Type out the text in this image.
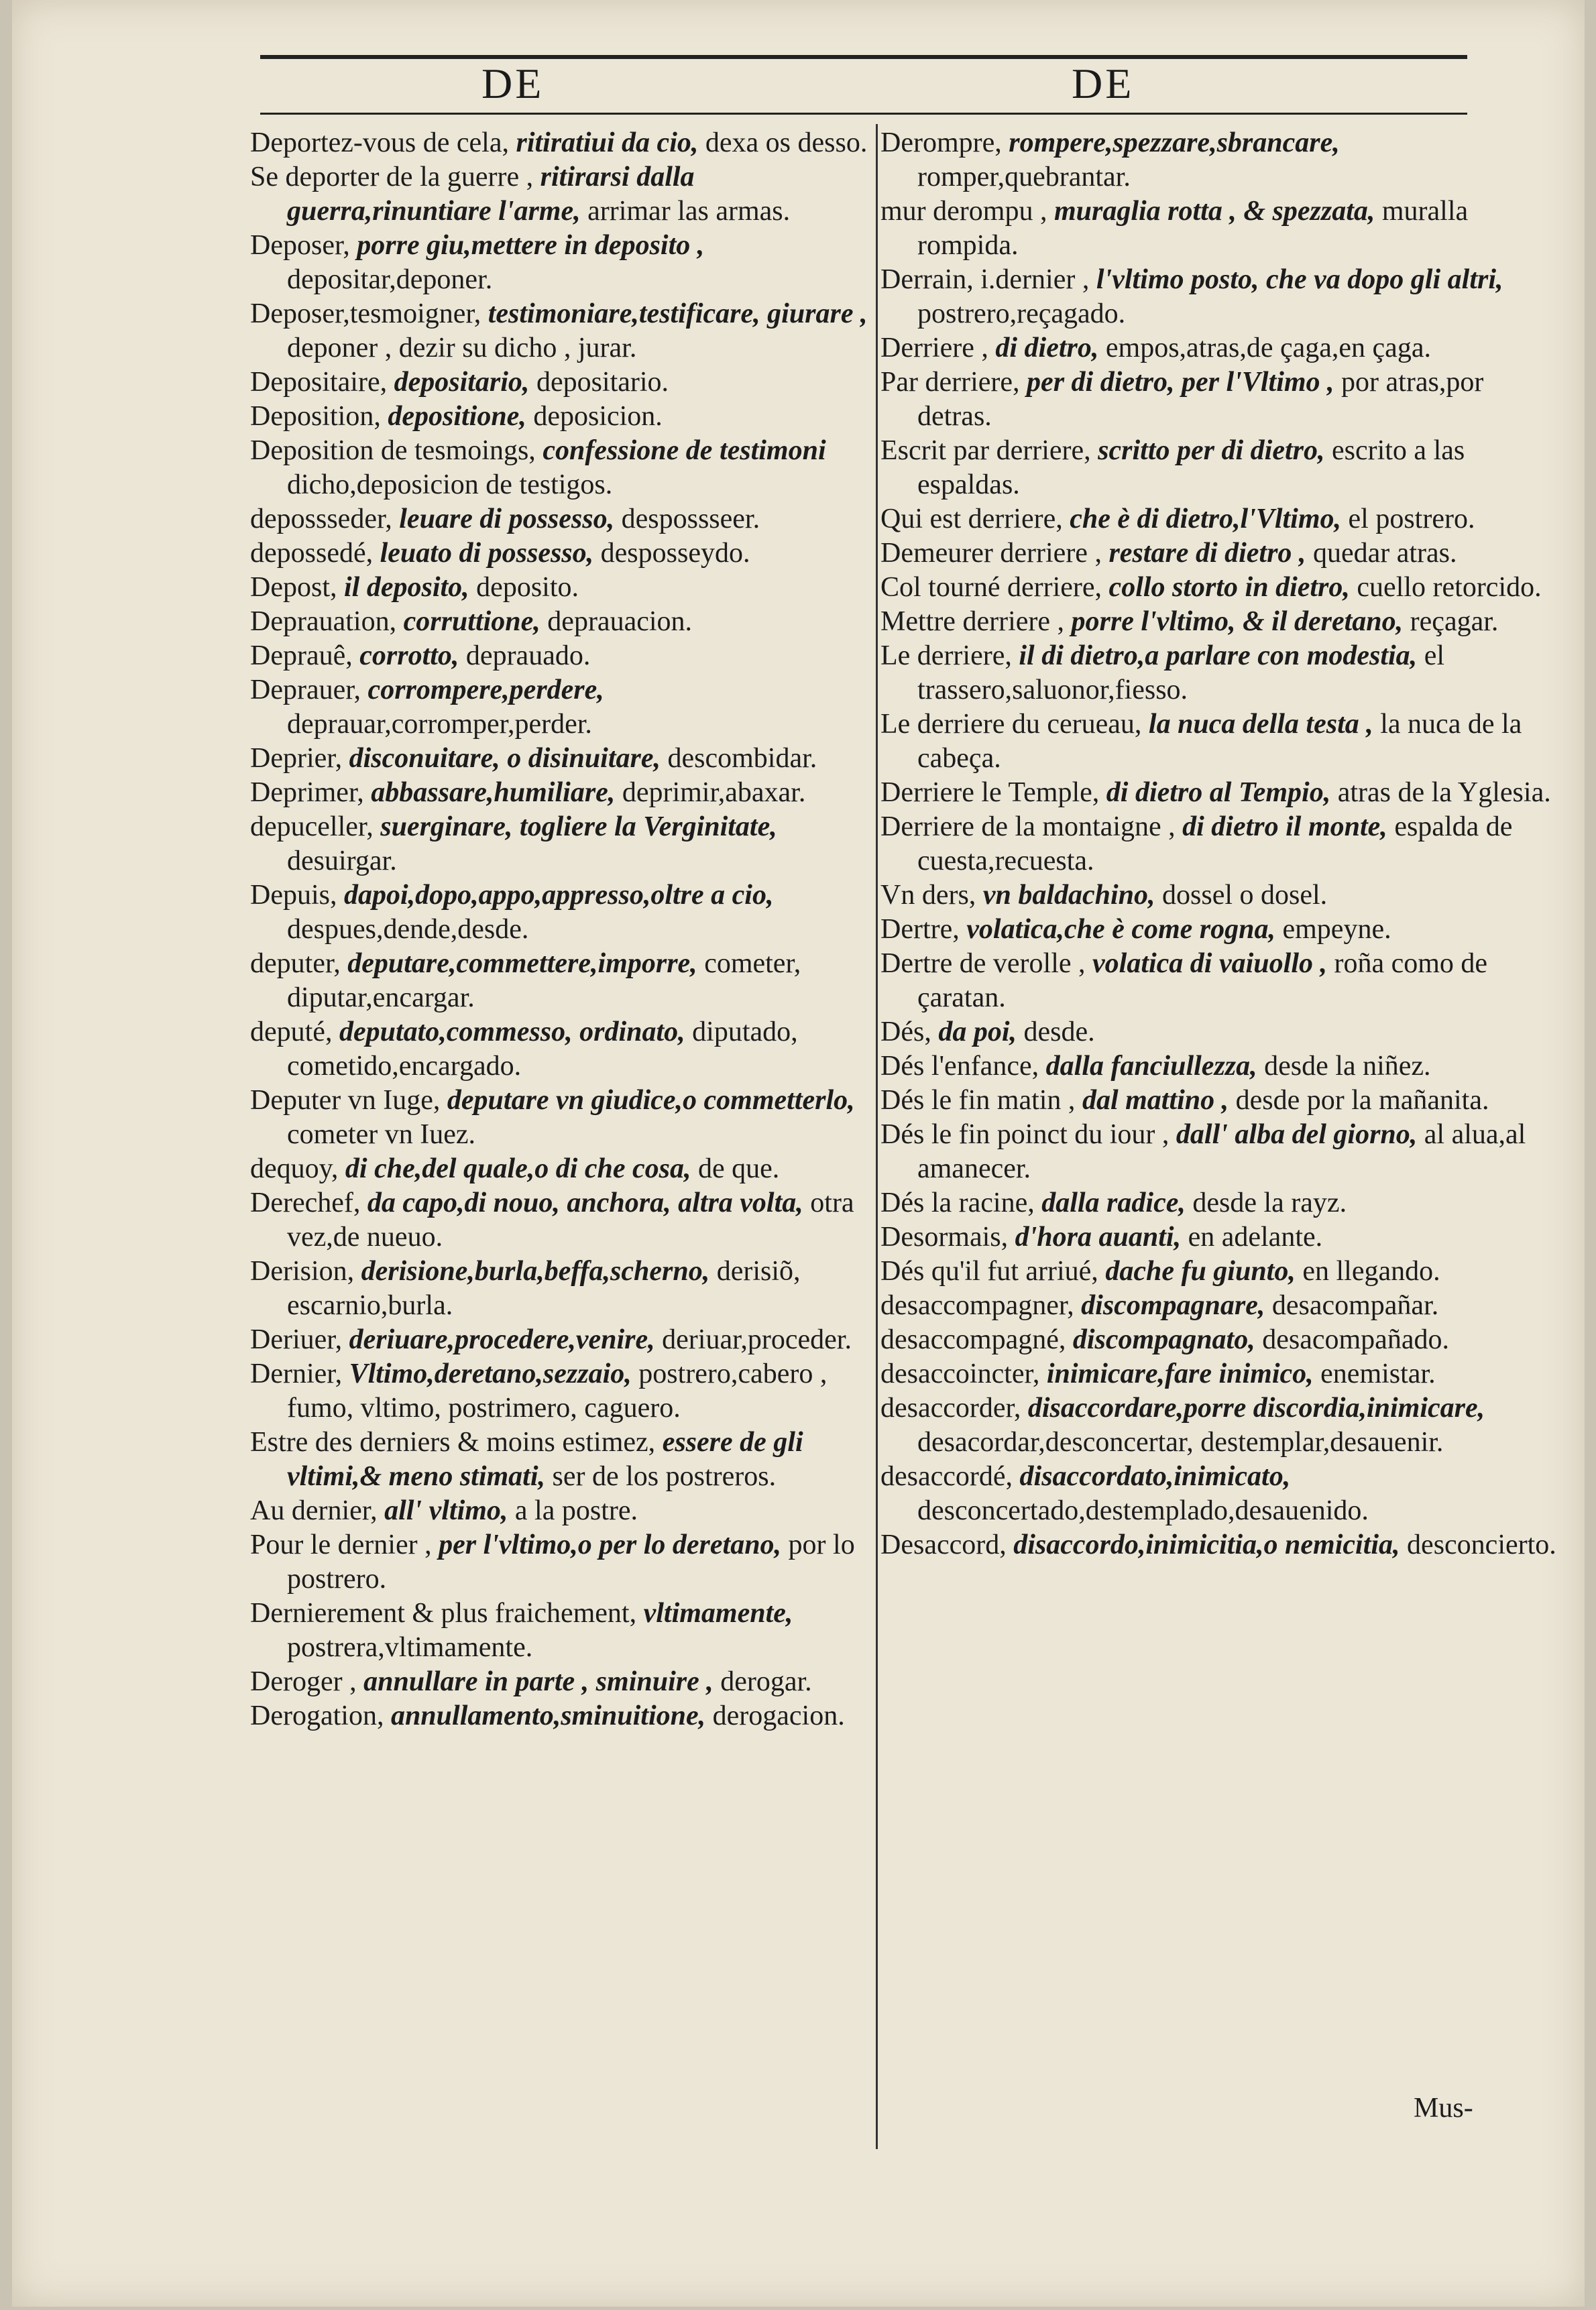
DE	DE

Deportez-vous de cela, ritiratiui da cio, dexa os desso.

Se deporter de la guerre , ritirarsi dalla guerra,rinuntiare l'arme, arrimar las armas.

Deposer, porre giu,mettere in deposito , depositar,deponer.

Deposer,tesmoigner, testimoniare,testificare, giurare , deponer , dezir su dicho , jurar.

Depositaire, depositario, depositario.

Deposition, depositione, deposicion.

Deposition de tesmoings, confessione de testimoni dicho,deposicion de testigos.

depossseder, leuare di possesso, despossseer.

depossedé, leuato di possesso, desposseydo.

Depost, il deposito, deposito.

Deprauation, corruttione, deprauacion.

Deprauê, corrotto, deprauado.

Deprauer, corrompere,perdere, deprauar,corromper,perder.

Deprier, disconuitare, o disinuitare, descombidar.

Deprimer, abbassare,humiliare, deprimir,abaxar.

depuceller, suerginare, togliere la Verginitate, desuirgar.

Depuis, dapoi,dopo,appo,appresso,oltre a cio, despues,dende,desde.

deputer, deputare,commettere,imporre, cometer, diputar,encargar.

deputé, deputato,commesso, ordinato, diputado, cometido,encargado.

Deputer vn Iuge, deputare vn giudice,o commetterlo, cometer vn Iuez.

dequoy, di che,del quale,o di che cosa, de que.

Derechef, da capo,di nouo, anchora, altra volta, otra vez,de nueuo.

Derision, derisione,burla,beffa,scherno, derisiõ, escarnio,burla.

Deriuer, deriuare,procedere,venire, deriuar,proceder.

Dernier, Vltimo,deretano,sezzaio, postrero,cabero , fumo, vltimo, postrimero, caguero.

Estre des derniers & moins estimez, essere de gli vltimi,& meno stimati, ser de los postreros.

Au dernier, all' vltimo, a la postre.

Pour le dernier , per l'vltimo,o per lo deretano, por lo postrero.

Dernierement & plus fraichement, vltimamente, postrera,vltimamente.

Deroger , annullare in parte , sminuire , derogar.

Derogation, annullamento,sminuitione, derogacion.

Derompre, rompere,spezzare,sbrancare, romper,quebrantar.

mur derompu , muraglia rotta , & spezzata, muralla rompida.

Derrain, i.dernier , l'vltimo posto, che va dopo gli altri, postrero,reçagado.

Derriere , di dietro, empos,atras,de çaga,en çaga.

Par derriere, per di dietro, per l'Vltimo , por atras,por detras.

Escrit par derriere, scritto per di dietro, escrito a las espaldas.

Qui est derriere, che è di dietro,l'Vltimo, el postrero.

Demeurer derriere , restare di dietro , quedar atras.

Col tourné derriere, collo storto in dietro, cuello retorcido.

Mettre derriere , porre l'vltimo, & il deretano, reçagar.

Le derriere, il di dietro,a parlare con modestia, el trassero,saluonor,fiesso.

Le derriere du cerueau, la nuca della testa , la nuca de la cabeça.

Derriere le Temple, di dietro al Tempio, atras de la Yglesia.

Derriere de la montaigne , di dietro il monte, espalda de cuesta,recuesta.

Vn ders, vn baldachino, dossel o dosel.

Dertre, volatica,che è come rogna, empeyne.

Dertre de verolle , volatica di vaiuollo , roña como de çaratan.

Dés, da poi, desde.

Dés l'enfance, dalla fanciullezza, desde la niñez.

Dés le fin matin , dal mattino , desde por la mañanita.

Dés le fin poinct du iour , dall' alba del giorno, al alua,al amanecer.

Dés la racine, dalla radice, desde la rayz.

Desormais, d'hora auanti, en adelante.

Dés qu'il fut arriué, dache fu giunto, en llegando.

desaccompagner, discompagnare, desacompañar.

desaccompagné, discompagnato, desacompañado.

desaccoincter, inimicare,fare inimico, enemistar.

desaccorder, disaccordare,porre discordia,inimicare, desacordar,desconcertar, destemplar,desauenir.

desaccordé, disaccordato,inimicato, desconcertado,destemplado,desauenido.

Desaccord, disaccordo,inimicitia,o nemicitia, desconcierto.

Mus-
